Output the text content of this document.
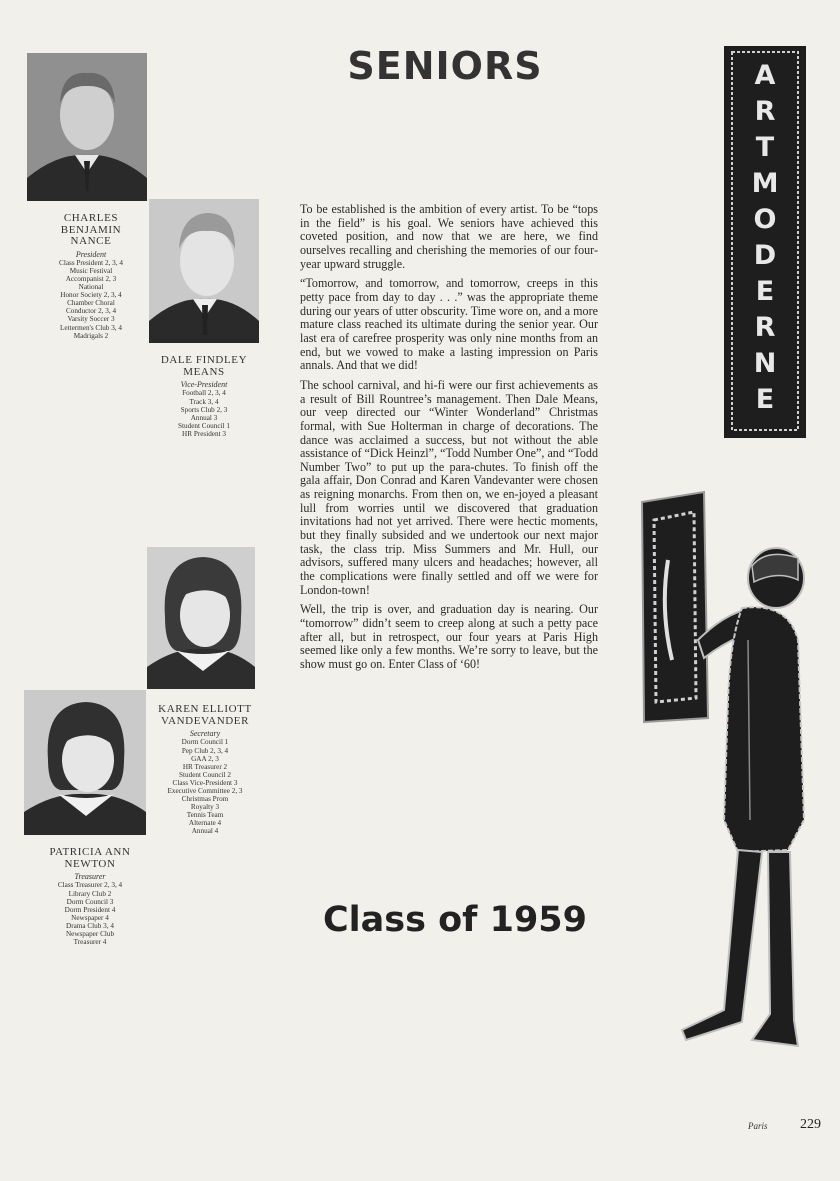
SENIORS
CHARLES
BENJAMIN
NANCE
President
Class President 2, 3, 4
Music Festival
Accompanist 2, 3
National
Honor Society 2, 3, 4
Chamber Choral
Conductor 2, 3, 4
Varsity Soccer 3
Lettermen's Club 3, 4
Madrigals 2
DALE FINDLEY
MEANS
Vice-President
Football 2, 3, 4
Track 3, 4
Sports Club 2, 3
Annual 3
Student Council 1
HR President 3
KAREN ELLIOTT
VANDEVANDER
Secretary
Dorm Council 1
Pep Club 2, 3, 4
GAA 2, 3
HR Treasurer 2
Student Council 2
Class Vice-President 3
Executive Committee 2, 3
Christmas Prom
Royalty 3
Tennis Team
Alternate 4
Annual 4
PATRICIA ANN
NEWTON
Treasurer
Class Treasurer 2, 3, 4
Library Club 2
Dorm Council 3
Dorm President 4
Newspaper 4
Drama Club 3, 4
Newspaper Club
Treasurer 4

To be established is the ambition of every artist. To be “tops in the field” is his goal. We seniors have achieved this coveted position, and now that we are here, we find ourselves recalling and cherishing the memories of our four-year upward struggle.

“Tomorrow, and tomorrow, and tomorrow, creeps in this petty pace from day to day . . .” was the appropriate theme during our years of utter obscurity. Time wore on, and a more mature class reached its ultimate during the senior year. Our last era of carefree prosperity was only nine months from an end, but we vowed to make a lasting impression on Paris annals. And that we did!

The school carnival, and hi-fi were our first achievements as a result of Bill Rountree’s management. Then Dale Means, our veep directed our “Winter Wonderland” Christmas formal, with Sue Holterman in charge of decorations. The dance was acclaimed a success, but not without the able assistance of “Dick Heinzl”, “Todd Number One”, and “Todd Number Two” to put up the para-chutes. To finish off the gala affair, Don Conrad and Karen Vandevanter were chosen as reigning monarchs. From then on, we en-joyed a pleasant lull from worries until we discovered that graduation invitations had not yet arrived. There were hectic moments, but they finally subsided and we undertook our next major task, the class trip. Miss Summers and Mr. Hull, our advisors, suffered many ulcers and headaches; however, all the complications were finally settled and off we were for London-town!

Well, the trip is over, and graduation day is nearing. Our “tomorrow” didn’t seem to creep along at such a petty pace after all, but in retrospect, our four years at Paris High seemed like only a few months. We’re sorry to leave, but the show must go on. Enter Class of ‘60!

Class of 1959
A
R
T
M
O
D
E
R
N
E
Paris 229
